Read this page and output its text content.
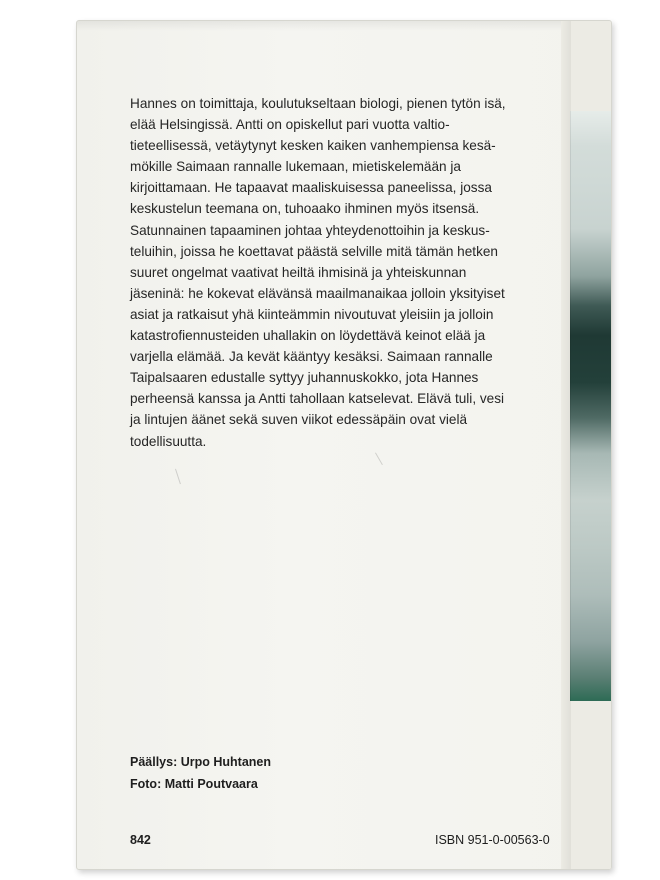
Hannes on toimittaja, koulutukseltaan biologi, pienen tytön isä,
elää Helsingissä. Antti on opiskellut pari vuotta valtio-
tieteellisessä, vetäytynyt kesken kaiken vanhempiensa kesä-
mökille Saimaan rannalle lukemaan, mietiskelemään ja
kirjoittamaan. He tapaavat maaliskuisessa paneelissa, jossa
keskustelun teemana on, tuhoaako ihminen myös itsensä.
Satunnainen tapaaminen johtaa yhteydenottoihin ja keskus-
teluihin, joissa he koettavat päästä selville mitä tämän hetken
suuret ongelmat vaativat heiltä ihmisinä ja yhteiskunnan
jäseninä: he kokevat elävänsä maailmanaikaa jolloin yksityiset
asiat ja ratkaisut yhä kiinteämmin nivoutuvat yleisiin ja jolloin
katastrofiennusteiden uhallakin on löydettävä keinot elää ja
varjella elämää. Ja kevät kääntyy kesäksi. Saimaan rannalle
Taipalsaaren edustalle syttyy juhannuskokko, jota Hannes
perheensä kanssa ja Antti tahollaan katselevat. Elävä tuli, vesi
ja lintujen äänet sekä suven viikot edessäpäin ovat vielä
todellisuutta.

Päällys: Urpo Huhtanen
Foto: Matti Poutvaara
842	ISBN 951-0-00563-0
